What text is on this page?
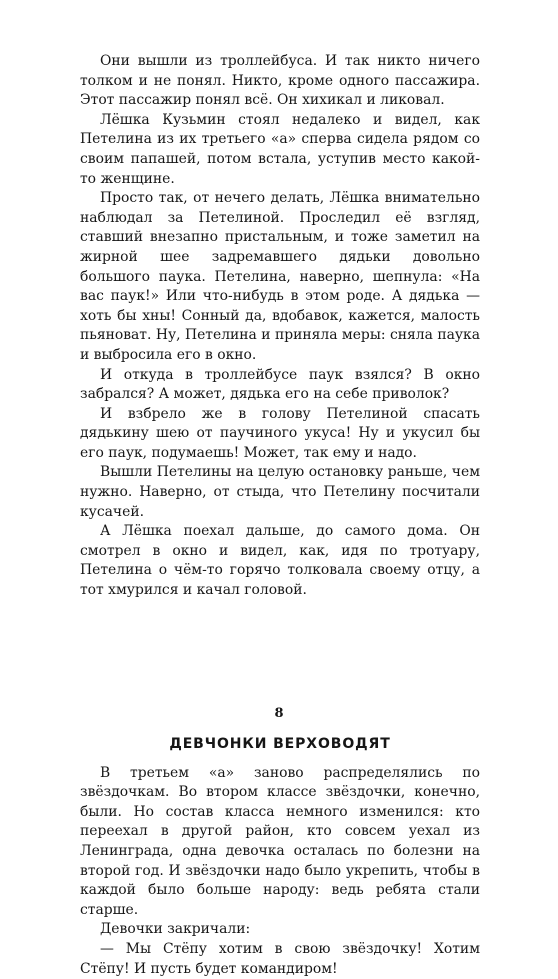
Они вышли из троллейбуса. И так никто ничего толком и не понял. Никто, кроме одного пассажира. Этот пассажир понял всё. Он хихикал и ликовал.

Лёшка Кузьмин стоял недалеко и видел, как Петелина из их третьего «а» сперва сидела рядом со своим папашей, потом встала, уступив место какой-то женщине.

Просто так, от нечего делать, Лёшка внимательно наблюдал за Петелиной. Проследил её взгляд, ставший внезапно пристальным, и тоже заметил на жирной шее задремавшего дядьки довольно большого паука. Петелина, наверно, шепнула: «На вас паук!» Или что-нибудь в этом роде. А дядька — хоть бы хны! Сонный да, вдобавок, кажется, малость пьяноват. Ну, Петелина и приняла меры: сняла паука и выбросила его в окно.

И откуда в троллейбусе паук взялся? В окно забрался? А может, дядька его на себе приволок?

И взбрело же в голову Петелиной спасать дядькину шею от паучиного укуса! Ну и укусил бы его паук, подумаешь! Может, так ему и надо.

Вышли Петелины на целую остановку раньше, чем нужно. Наверно, от стыда, что Петелину посчитали кусачей.

А Лёшка поехал дальше, до самого дома. Он смотрел в окно и видел, как, идя по тротуару, Петелина о чём-то горячо толковала своему отцу, а тот хмурился и качал головой.

ДЕВЧОНКИ ВЕРХОВОДЯТ

В третьем «а» заново распределялись по звёздочкам. Во втором классе звёздочки, конечно, были. Но состав класса немного изменился: кто переехал в другой район, кто совсем уехал из Ленинграда, одна девочка осталась по болезни на второй год. И звёздочки надо было укрепить, чтобы в каждой было больше народу: ведь ребята стали старше.

Девочки закричали:

— Мы Стёпу хотим в свою звёздочку! Хотим Стёпу! И пусть будет командиром!

8
